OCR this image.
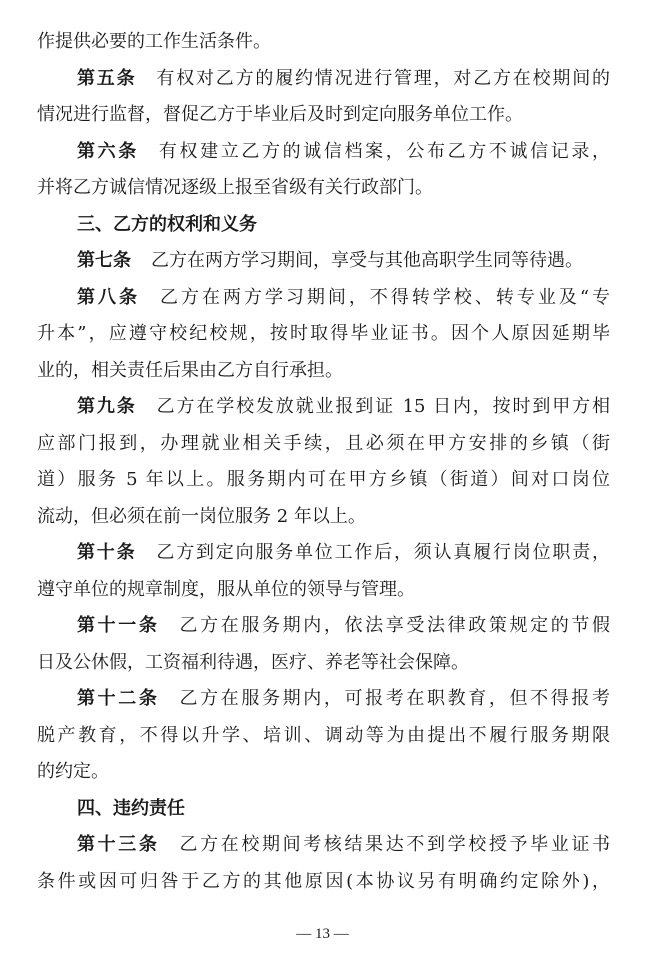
作提供必要的工作生活条件。
第五条 有权对乙方的履约情况进行管理，对乙方在校期间的
情况进行监督，督促乙方于毕业后及时到定向服务单位工作。
第六条 有权建立乙方的诚信档案，公布乙方不诚信记录，
并将乙方诚信情况逐级上报至省级有关行政部门。
三、乙方的权利和义务
第七条 乙方在两方学习期间，享受与其他高职学生同等待遇。
第八条 乙方在两方学习期间，不得转学校、转专业及“专
升本”，应遵守校纪校规，按时取得毕业证书。因个人原因延期毕
业的，相关责任后果由乙方自行承担。
第九条 乙方在学校发放就业报到证 15 日内，按时到甲方相
应部门报到，办理就业相关手续，且必须在甲方安排的乡镇（街
道）服务 5 年以上。服务期内可在甲方乡镇（街道）间对口岗位
流动，但必须在前一岗位服务 2 年以上。
第十条 乙方到定向服务单位工作后，须认真履行岗位职责，
遵守单位的规章制度，服从单位的领导与管理。
第十一条 乙方在服务期内，依法享受法律政策规定的节假
日及公休假，工资福利待遇，医疗、养老等社会保障。
第十二条 乙方在服务期内，可报考在职教育，但不得报考
脱产教育，不得以升学、培训、调动等为由提出不履行服务期限
的约定。
四、违约责任
第十三条 乙方在校期间考核结果达不到学校授予毕业证书
条件或因可归咎于乙方的其他原因(本协议另有明确约定除外)，
— 13 —
